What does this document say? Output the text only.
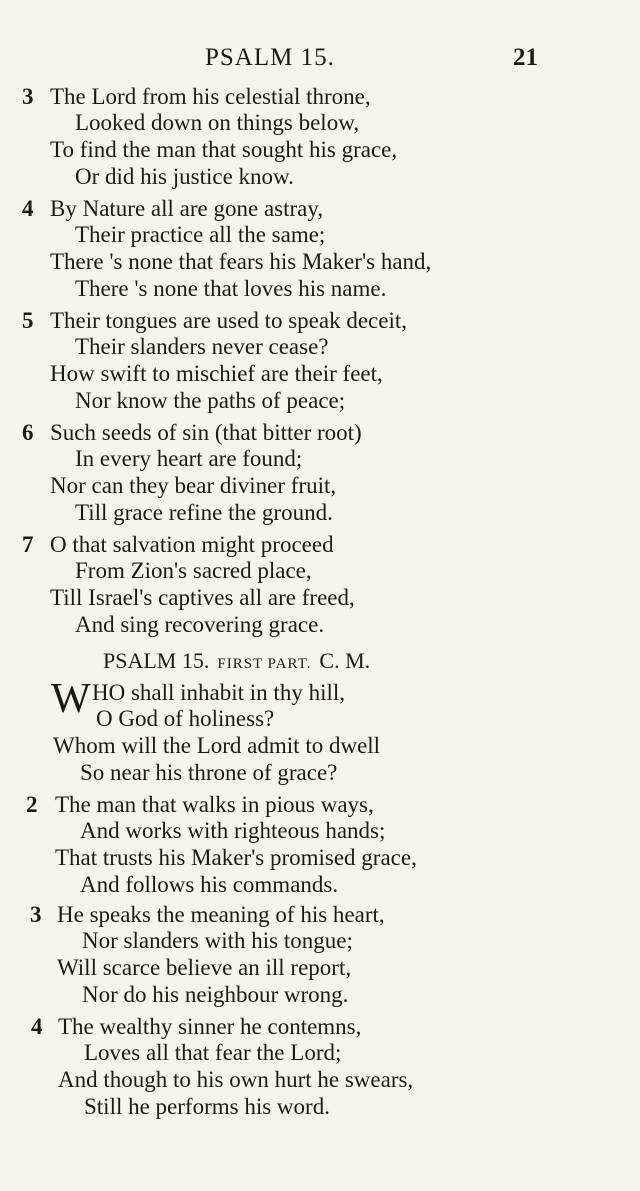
PSALM 15.	21
3 The Lord from his celestial throne,
Looked down on things below,
To find the man that sought his grace,
Or did his justice know.
4 By Nature all are gone astray,
Their practice all the same;
There 's none that fears his Maker's hand,
There 's none that loves his name.
5 Their tongues are used to speak deceit,
Their slanders never cease?
How swift to mischief are their feet,
Nor know the paths of peace;
6 Such seeds of sin (that bitter root)
In every heart are found;
Nor can they bear diviner fruit,
Till grace refine the ground.
7 O that salvation might proceed
From Zion's sacred place,
Till Israel's captives all are freed,
And sing recovering grace.
PSALM 15. FIRST PART. C. M.
W HO shall inhabit in thy hill,
O God of holiness?
Whom will the Lord admit to dwell
So near his throne of grace?
2 The man that walks in pious ways,
And works with righteous hands;
That trusts his Maker's promised grace,
And follows his commands.
3 He speaks the meaning of his heart,
Nor slanders with his tongue;
Will scarce believe an ill report,
Nor do his neighbour wrong.
4 The wealthy sinner he contemns,
Loves all that fear the Lord;
And though to his own hurt he swears,
Still he performs his word.
